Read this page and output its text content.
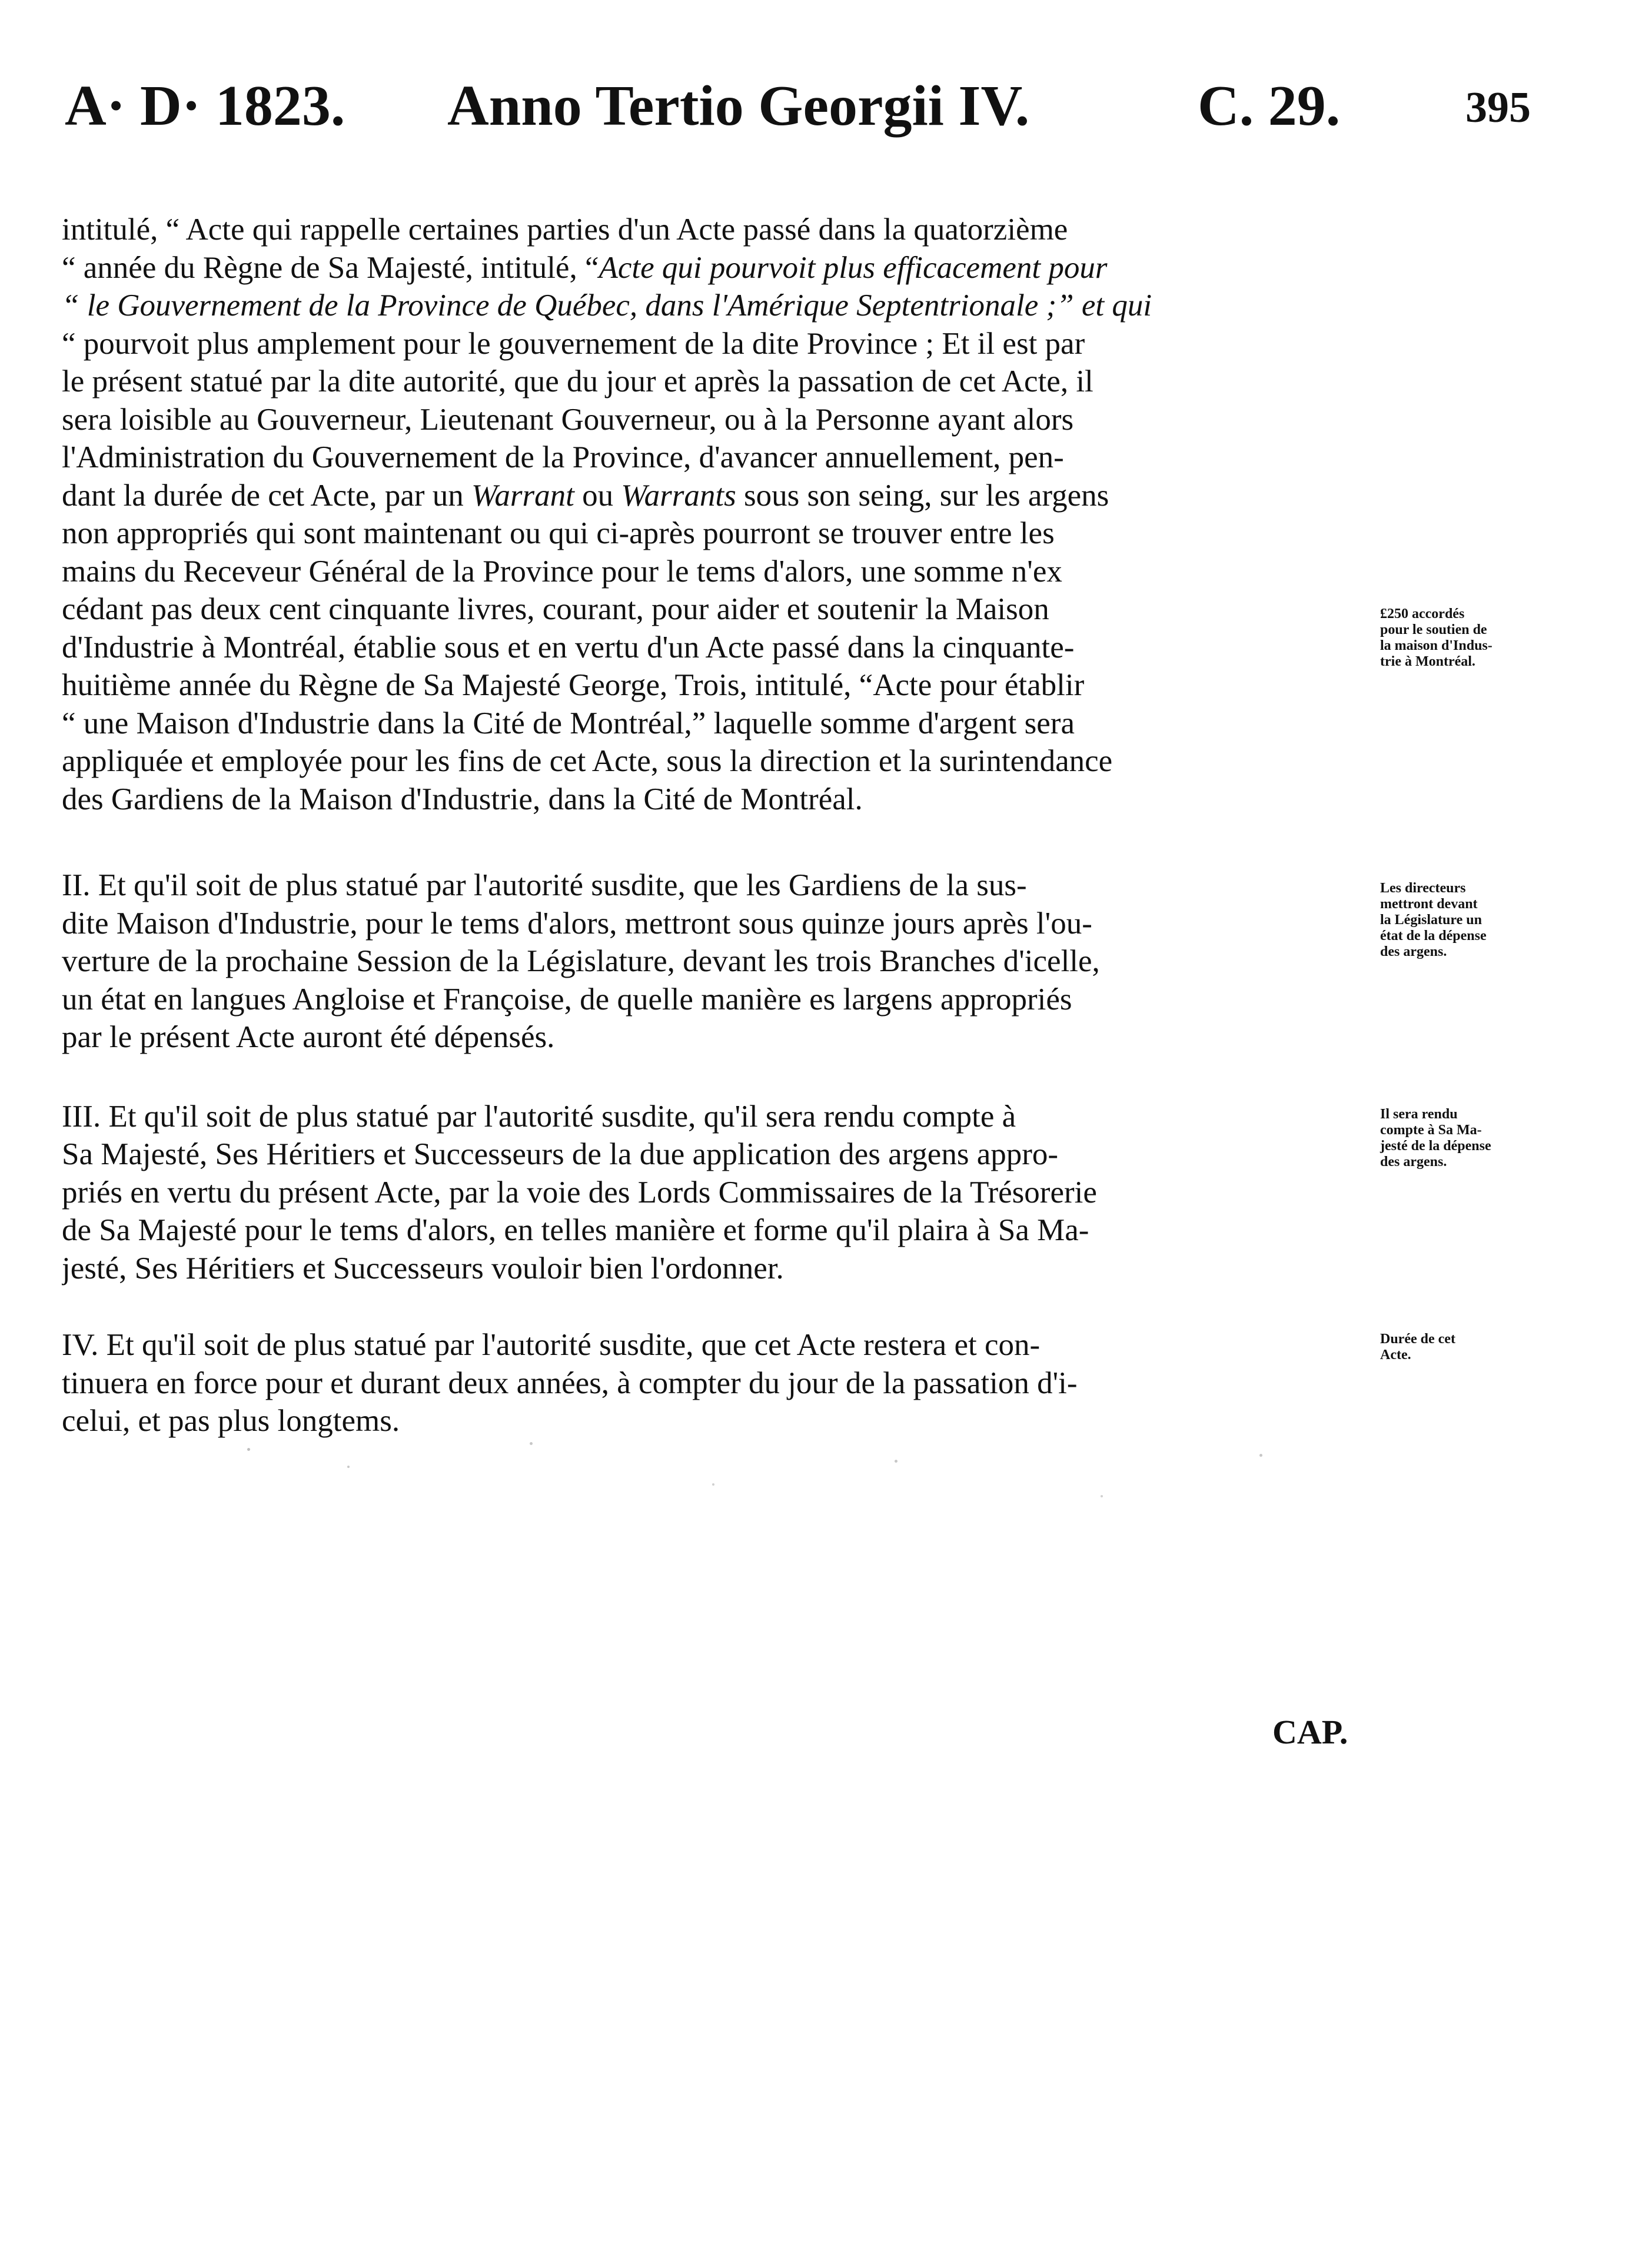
A· D· 1823. Anno Tertio Georgii IV.	C. 29.	395

intitulé, “ Acte qui rappelle certaines parties d'un Acte passé dans la quatorzième
“ année du Règne de Sa Majesté, intitulé, “Acte qui pourvoit plus efficacement pour
“ le Gouvernement de la Province de Québec, dans l'Amérique Septentrionale ;” et qui
“ pourvoit plus amplement pour le gouvernement de la dite Province ; Et il est par
le présent statué par la dite autorité, que du jour et après la passation de cet Acte, il
sera loisible au Gouverneur, Lieutenant Gouverneur, ou à la Personne ayant alors
l'Administration du Gouvernement de la Province, d'avancer annuellement, pen-
dant la durée de cet Acte, par un Warrant ou Warrants sous son seing, sur les argens
non appropriés qui sont maintenant ou qui ci-après pourront se trouver entre les
mains du Receveur Général de la Province pour le tems d'alors, une somme n'ex
cédant pas deux cent cinquante livres, courant, pour aider et soutenir la Maison
d'Industrie à Montréal, établie sous et en vertu d'un Acte passé dans la cinquante-
huitième année du Règne de Sa Majesté George, Trois, intitulé, “Acte pour établir
“ une Maison d'Industrie dans la Cité de Montréal,” laquelle somme d'argent sera
appliquée et employée pour les fins de cet Acte, sous la direction et la surintendance
des Gardiens de la Maison d'Industrie, dans la Cité de Montréal.

II. Et qu'il soit de plus statué par l'autorité susdite, que les Gardiens de la sus-
dite Maison d'Industrie, pour le tems d'alors, mettront sous quinze jours après l'ou-
verture de la prochaine Session de la Législature, devant les trois Branches d'icelle,
un état en langues Angloise et Françoise, de quelle manière es largens appropriés
par le présent Acte auront été dépensés.

III. Et qu'il soit de plus statué par l'autorité susdite, qu'il sera rendu compte à
Sa Majesté, Ses Héritiers et Successeurs de la due application des argens appro-
priés en vertu du présent Acte, par la voie des Lords Commissaires de la Trésorerie
de Sa Majesté pour le tems d'alors, en telles manière et forme qu'il plaira à Sa Ma-
jesté, Ses Héritiers et Successeurs vouloir bien l'ordonner.

IV. Et qu'il soit de plus statué par l'autorité susdite, que cet Acte restera et con-
tinuera en force pour et durant deux années, à compter du jour de la passation d'i-
celui, et pas plus longtems.

£250 accordés
pour le soutien de
la maison d'Indus-
trie à Montréal.
Les directeurs
mettront devant
la Législature un
état de la dépense
des argens.
Il sera rendu
compte à Sa Ma-
jesté de la dépense
des argens.
Durée de cet
Acte.
CAP.
